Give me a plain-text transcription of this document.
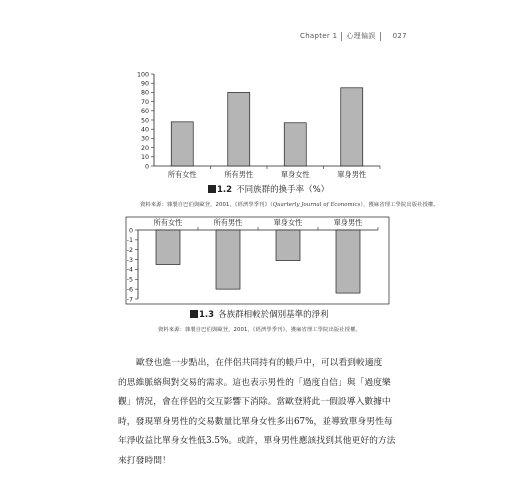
Chapter 1 心理偏誤 027
0
10
20
30
40
50
60
70
80
90
100
所有女性	所有男性	單身女性	單身男性
0
-1
-2
-3
-4
-5
-6
-7
所有女性	所有男性	單身女性	單身男性
1.2 不同族群的換手率（%）
資料來源：雜製自巴伯與歐登，2001，《經濟學季刊》（Quarterly Journal of Economics），獲麻省理工學院出版社授權。
1.3 各族群相較於個別基準的淨利
資料來源：雜製自巴伯與歐登，2001，《經濟學季刊》，獲麻省理工學院出版社授權。
歐登也進一步點出，在伴侶共同持有的帳戶中，可以看到較適度
的思維脈絡與對交易的需求。這也表示男性的「過度自信」與「過度樂
觀」情況，會在伴侶的交互影響下消除。當歐登將此一假設導入數據中
時，發現單身男性的交易數量比單身女性多出67%，並導致單身男性每
年淨收益比單身女性低3.5%。或許，單身男性應該找到其他更好的方法
來打發時間！
